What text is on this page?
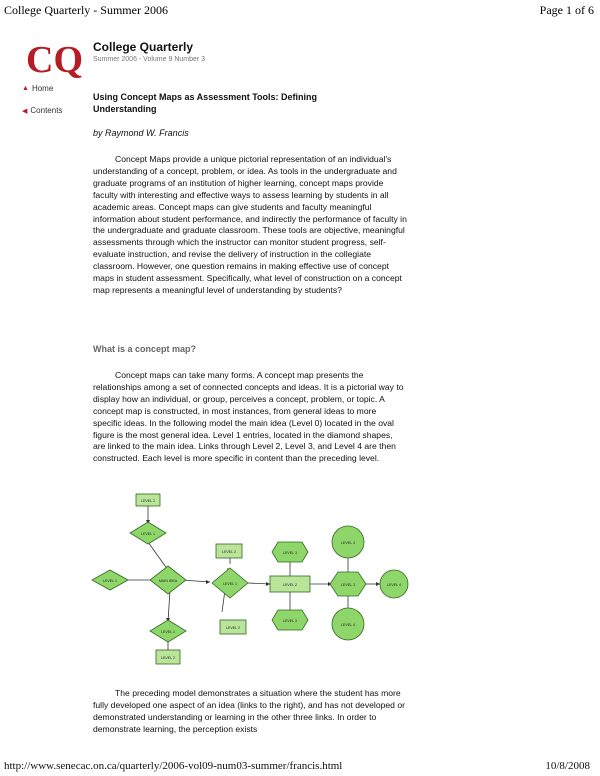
College Quarterly - Summer 2006	Page 1 of 6
CQ College Quarterly
Summer 2006 - Volume 9 Number 3
▲ Home
◀ Contents
Using Concept Maps as Assessment Tools: Defining Understanding
by Raymond W. Francis

Concept Maps provide a unique pictorial representation of an individual's understanding of a concept, problem, or idea. As tools in the undergraduate and graduate programs of an institution of higher learning, concept maps provide faculty with interesting and effective ways to assess learning by students in all academic areas. Concept maps can give students and faculty meaningful information about student performance, and indirectly the performance of faculty in the undergraduate and graduate classroom. These tools are objective, meaningful assessments through which the instructor can monitor student progress, self-evaluate instruction, and revise the delivery of instruction in the collegiate classroom. However, one question remains in making effective use of concept maps in student assessment. Specifically, what level of construction on a concept map represents a meaningful level of understanding by students?

What is a concept map?

Concept maps can take many forms. A concept map presents the relationships among a set of connected concepts and ideas. It is a pictorial way to display how an individual, or group, perceives a concept, problem, or topic. A concept map is constructed, in most instances, from general ideas to more specific ideas. In the following model the main idea (Level 0) located in the oval figure is the most general idea. Level 1 entries, located in the diamond shapes, are linked to the main idea. Links through Level 2, Level 3, and Level 4 are then constructed. Each level is more specific in content than the preceding level.

LEVEL 2
LEVEL 1
LEVEL 1	MAIN IDEA
LEVEL 1
LEVEL 2
LEVEL 1
LEVEL 2
LEVEL 2
LEVEL 3
LEVEL 2
LEVEL 3
LEVEL 4
LEVEL 3
LEVEL 4
LEVEL 4

The preceding model demonstrates a situation where the student has more fully developed one aspect of an idea (links to the right), and has not developed or demonstrated understanding or learning in the other three links. In order to demonstrate learning, the perception exists

http://www.senecac.on.ca/quarterly/2006-vol09-num03-summer/francis.html	10/8/2008
